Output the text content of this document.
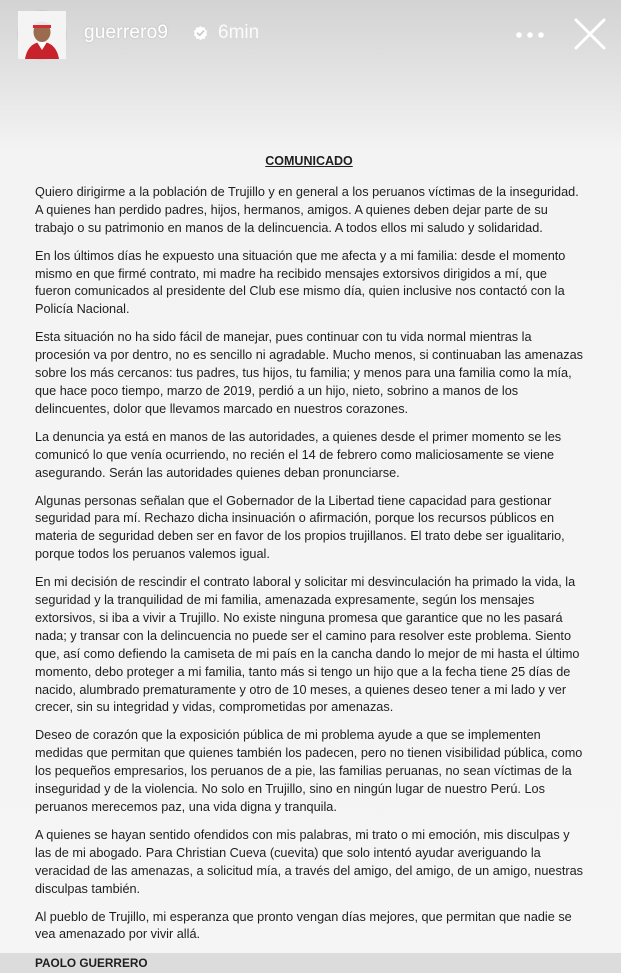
guerrero9	6min
COMUNICADO

Quiero dirigirme a la población de Trujillo y en general a los peruanos víctimas de la inseguridad. A quienes han perdido padres, hijos, hermanos, amigos. A quienes deben dejar parte de su trabajo o su patrimonio en manos de la delincuencia. A todos ellos mi saludo y solidaridad.

En los últimos días he expuesto una situación que me afecta y a mi familia: desde el momento mismo en que firmé contrato, mi madre ha recibido mensajes extorsivos dirigidos a mí, que fueron comunicados al presidente del Club ese mismo día, quien inclusive nos contactó con la Policía Nacional.

Esta situación no ha sido fácil de manejar, pues continuar con tu vida normal mientras la procesión va por dentro, no es sencillo ni agradable. Mucho menos, si continuaban las amenazas sobre los más cercanos: tus padres, tus hijos, tu familia; y menos para una familia como la mía, que hace poco tiempo, marzo de 2019, perdió a un hijo, nieto, sobrino a manos de los delincuentes, dolor que llevamos marcado en nuestros corazones.

La denuncia ya está en manos de las autoridades, a quienes desde el primer momento se les comunicó lo que venía ocurriendo, no recién el 14 de febrero como maliciosamente se viene asegurando. Serán las autoridades quienes deban pronunciarse.

Algunas personas señalan que el Gobernador de la Libertad tiene capacidad para gestionar seguridad para mí. Rechazo dicha insinuación o afirmación, porque los recursos públicos en materia de seguridad deben ser en favor de los propios trujillanos. El trato debe ser igualitario, porque todos los peruanos valemos igual.

En mi decisión de rescindir el contrato laboral y solicitar mi desvinculación ha primado la vida, la seguridad y la tranquilidad de mi familia, amenazada expresamente, según los mensajes extorsivos, si iba a vivir a Trujillo. No existe ninguna promesa que garantice que no les pasará nada; y transar con la delincuencia no puede ser el camino para resolver este problema. Siento que, así como defiendo la camiseta de mi país en la cancha dando lo mejor de mi hasta el último momento, debo proteger a mi familia, tanto más si tengo un hijo que a la fecha tiene 25 días de nacido, alumbrado prematuramente y otro de 10 meses, a quienes deseo tener a mi lado y ver crecer, sin su integridad y vidas, comprometidas por amenazas.

Deseo de corazón que la exposición pública de mi problema ayude a que se implementen medidas que permitan que quienes también los padecen, pero no tienen visibilidad pública, como los pequeños empresarios, los peruanos de a pie, las familias peruanas, no sean víctimas de la inseguridad y de la violencia. No solo en Trujillo, sino en ningún lugar de nuestro Perú. Los peruanos merecemos paz, una vida digna y tranquila.

A quienes se hayan sentido ofendidos con mis palabras, mi trato o mi emoción, mis disculpas y las de mi abogado. Para Christian Cueva (cuevita) que solo intentó ayudar averiguando la veracidad de las amenazas, a solicitud mía, a través del amigo, del amigo, de un amigo, nuestras disculpas también.

Al pueblo de Trujillo, mi esperanza que pronto vengan días mejores, que permitan que nadie se vea amenazado por vivir allá.

PAOLO GUERRERO
